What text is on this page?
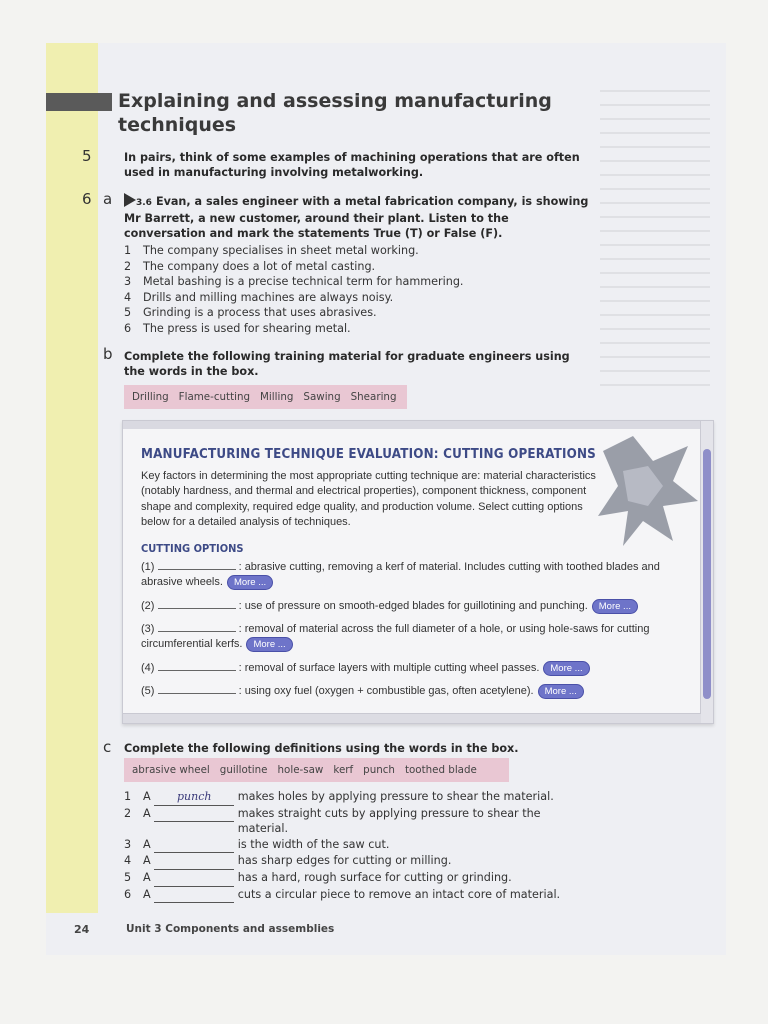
Explaining and assessing manufacturing techniques
5	In pairs, think of some examples of machining operations that are often used in manufacturing involving metalworking.

6 a	3.6 Evan, a sales engineer with a metal fabrication company, is showing Mr Barrett, a new customer, around their plant. Listen to the conversation and mark the statements True (T) or False (F).
1 The company specialises in sheet metal working.
2 The company does a lot of metal casting.
3 Metal bashing is a precise technical term for hammering.
4 Drills and milling machines are always noisy.
5 Grinding is a process that uses abrasives.
6 The press is used for shearing metal.
b Complete the following training material for graduate engineers using the words in the box.

Drilling Flame-cutting Milling Sawing Shearing
MANUFACTURING TECHNIQUE EVALUATION: CUTTING OPERATIONS

Key factors in determining the most appropriate cutting technique are: material characteristics (notably hardness, and thermal and electrical properties), component thickness, component shape and complexity, required edge quality, and production volume. Select cutting options below for a detailed analysis of techniques.

CUTTING OPTIONS

(1)	: abrasive cutting, removing a kerf of material. Includes cutting with toothed blades and abrasive wheels. More ...

(2)	: use of pressure on smooth-edged blades for guillotining and punching. More ...

(3)	: removal of material across the full diameter of a hole, or using hole-saws for cutting circumferential kerfs. More ...

(4)	: removal of surface layers with multiple cutting wheel passes. More ...

(5)	: using oxy fuel (oxygen + combustible gas, often acetylene). More ...

c Complete the following definitions using the words in the box.

abrasive wheel guillotine hole-saw kerf punch toothed blade
1 A punch makes holes by applying pressure to shear the material.
2 A	makes straight cuts by applying pressure to shear the material.
3 A	is the width of the saw cut.
4 A	has sharp edges for cutting or milling.
5 A	has a hard, rough surface for cutting or grinding.
6 A	cuts a circular piece to remove an intact core of material.
24	Unit 3 Components and assemblies
